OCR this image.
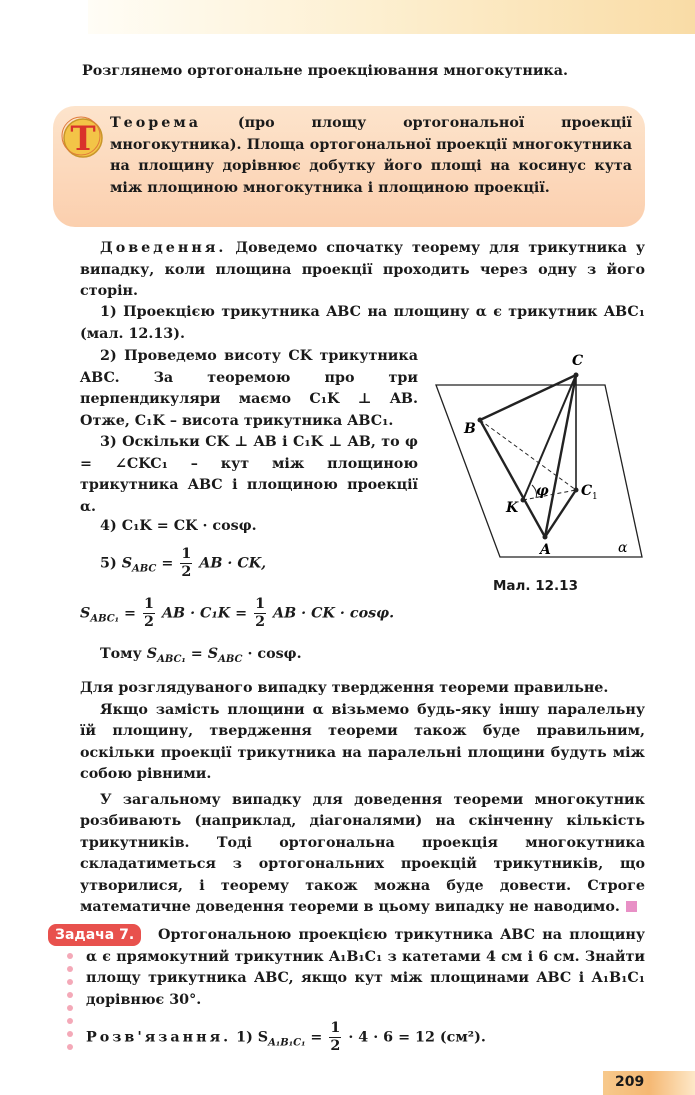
Розглянемо ортогональне проекціювання многокутника.
Т Теорема (про площу ортогональної проекції многокутника). Площа ортогональної проекції многокутника на площину дорівнює добутку його площі на косинус кута між площиною многокутника і площиною проекції.

Доведення. Доведемо спочатку теорему для трикутника у випадку, коли площина проекції проходить через одну з його сторін.

1) Проекцією трикутника ABC на площину α є трикутник ABC₁ (мал. 12.13).

2) Проведемо висоту CK трикутника ABC. За теоремою про три перпендикуляри маємо C₁K ⊥ AB. Отже, C₁K – висота трикутника ABC₁.

3) Оскільки CK ⊥ AB і C₁K ⊥ AB, то φ = ∠CKC₁ – кут між площиною трикутника ABC і площиною проекції α.

4) C₁K = CK · cosφ.
5) $S_{ABC} = \frac{1}{2}$ AB · CK,
$S_{ABC_1} = \frac{1}{2}$ AB · $C_1K = \frac{1}{2}$ AB · CK · cosφ.
Тому $S_{ABC_1} = S_{ABC} \cdot \cos\varphi$.
C
B
K
A
C 1
φ
α
Мал. 12.13

Для розглядуваного випадку твердження теореми правильне.

Якщо замість площини α візьмемо будь-яку іншу паралельну їй площину, твердження теореми також буде правильним, оскільки проекції трикутника на паралельні площини будуть між собою рівними.

У загальному випадку для доведення теореми многокутник розбивають (наприклад, діагоналями) на скінченну кількість трикутників. Тоді ортогональна проекція многокутника складатиметься з ортогональних проекцій трикутників, що утворилися, і теорему також можна буде довести. Строге математичне доведення теореми в цьому випадку не наводимо.

Задача 7.	Ортогональною проекцією трикутника ABC на площину α є прямокутний трикутник A₁B₁C₁ з катетами 4 см і 6 см. Знайти площу трикутника ABC, якщо кут між площинами ABC і A₁B₁C₁ дорівнює 30°.

Розв'язання. 1) $S_{A_1B_1C_1} = \frac{1}{2} \cdot 4 \cdot 6 = 12$ (см²).
209
